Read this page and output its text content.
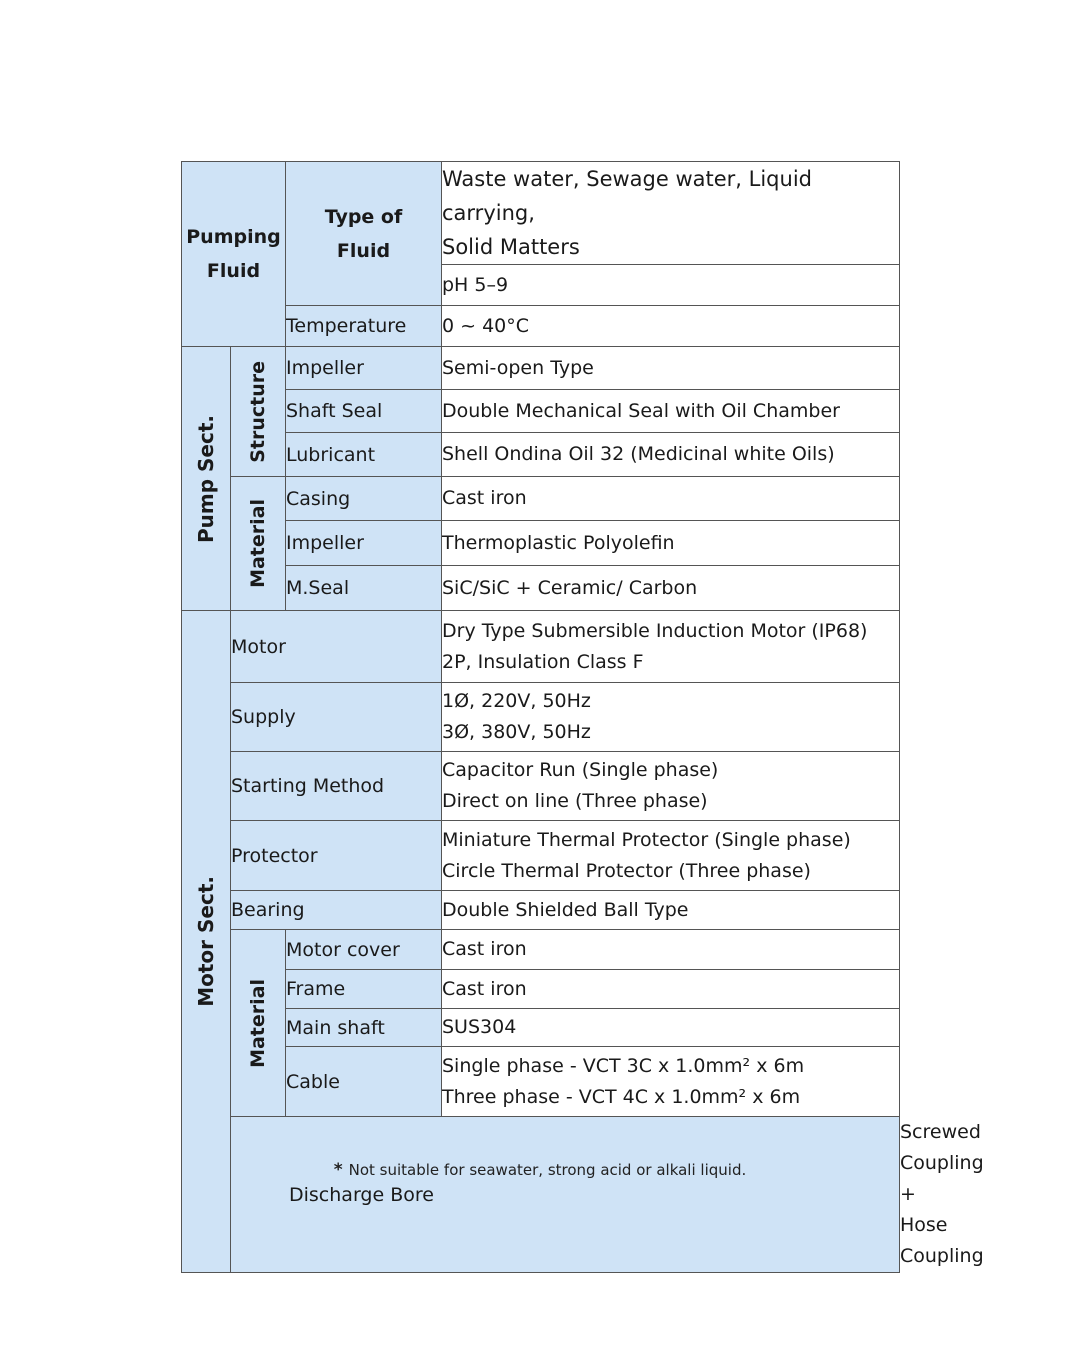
Pumping Fluid		Type of Fluid	Waste water, Sewage water, Liquid carrying,
Solid Matters	

			pH 5–9	
		Temperature	0 ~ 40°C	

Pump Sect.	Structure	Impeller	Semi-open Type	
		Shaft Seal	Double Mechanical Seal with Oil Chamber	
		Lubricant	Shell Ondina Oil 32 (Medicinal white Oils)	

	Material	Casing	Cast iron	
		Impeller	Thermoplastic Polyolefin	
		M.Seal	SiC/SiC + Ceramic/ Carbon	

Motor Sect.	Motor		Dry Type Submersible Induction Motor (IP68)
2P, Insulation Class F	

	Supply		1Ø, 220V, 50Hz
3Ø, 380V, 50Hz	

	Starting Method		Capacitor Run (Single phase)
Direct on line (Three phase)	

	Protector		Miniature Thermal Protector (Single phase)
Circle Thermal Protector (Three phase)	

	Bearing		Double Shielded Ball Type	

	Material	Motor cover	Cast iron	
		Frame	Cast iron	
		Main shaft	SUS304	
		Cable	Single phase - VCT 3C x 1.0mm² x 6m
Three phase - VCT 4C x 1.0mm² x 6m	

	Discharge Bore			Screwed Coupling + Hose Coupling
* Not suitable for seawater, strong acid or alkali liquid.
